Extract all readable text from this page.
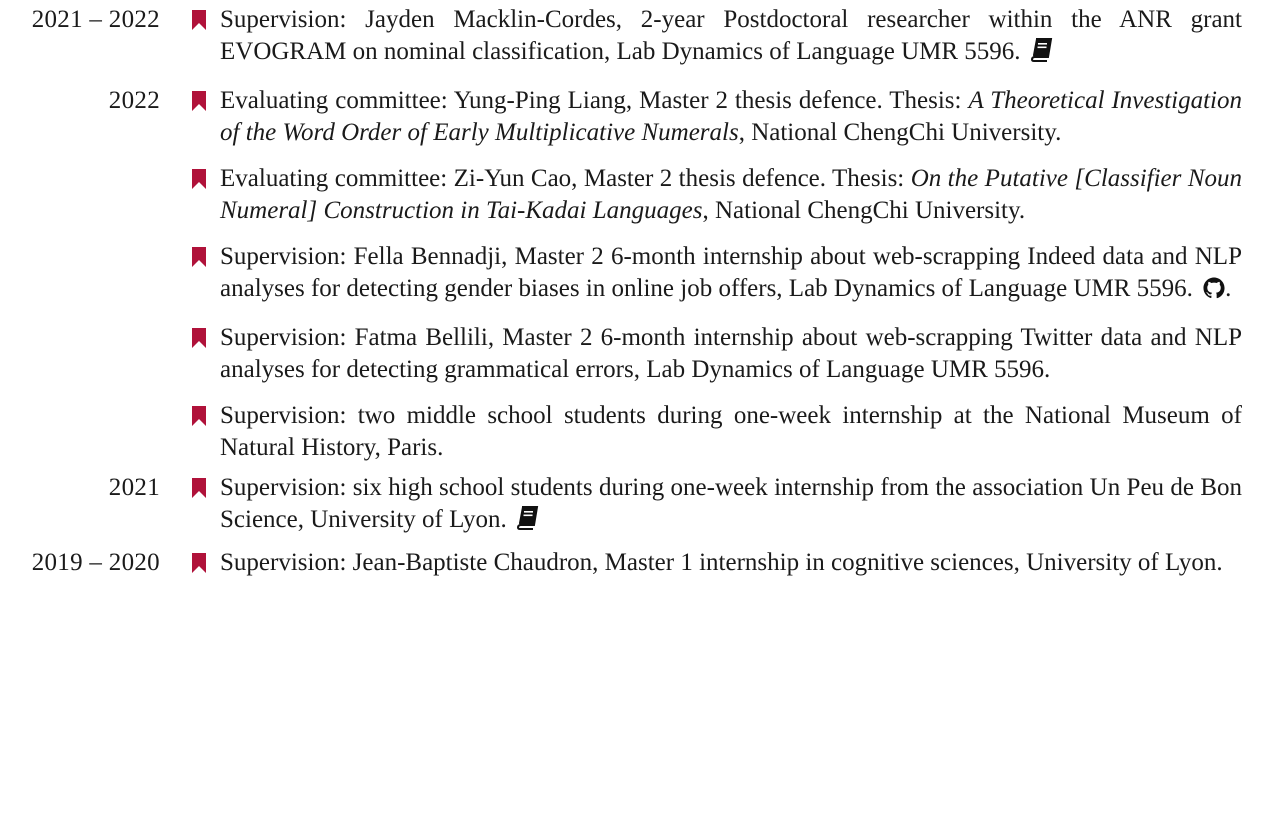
2021 – 2022 Supervision: Jayden Macklin-Cordes, 2-year Postdoctoral researcher within the ANR grant EVOGRAM on nominal classification, Lab Dynamics of Language UMR 5596.
2022 Evaluating committee: Yung-Ping Liang, Master 2 thesis defence. Thesis: A Theoretical Investigation of the Word Order of Early Multiplicative Numerals, National ChengChi University.
Evaluating committee: Zi-Yun Cao, Master 2 thesis defence. Thesis: On the Putative [Classifier Noun Numeral] Construction in Tai-Kadai Languages, National ChengChi University.
Supervision: Fella Bennadji, Master 2 6-month internship about web-scrapping Indeed data and NLP analyses for detecting gender biases in online job offers, Lab Dynamics of Language UMR 5596. .
Supervision: Fatma Bellili, Master 2 6-month internship about web-scrapping Twitter data and NLP analyses for detecting grammatical errors, Lab Dynamics of Language UMR 5596.
Supervision: two middle school students during one-week internship at the National Museum of Natural History, Paris.
2021 Supervision: six high school students during one-week internship from the association Un Peu de Bon Science, University of Lyon.
2019 – 2020 Supervision: Jean-Baptiste Chaudron, Master 1 internship in cognitive sciences, University of Lyon.
